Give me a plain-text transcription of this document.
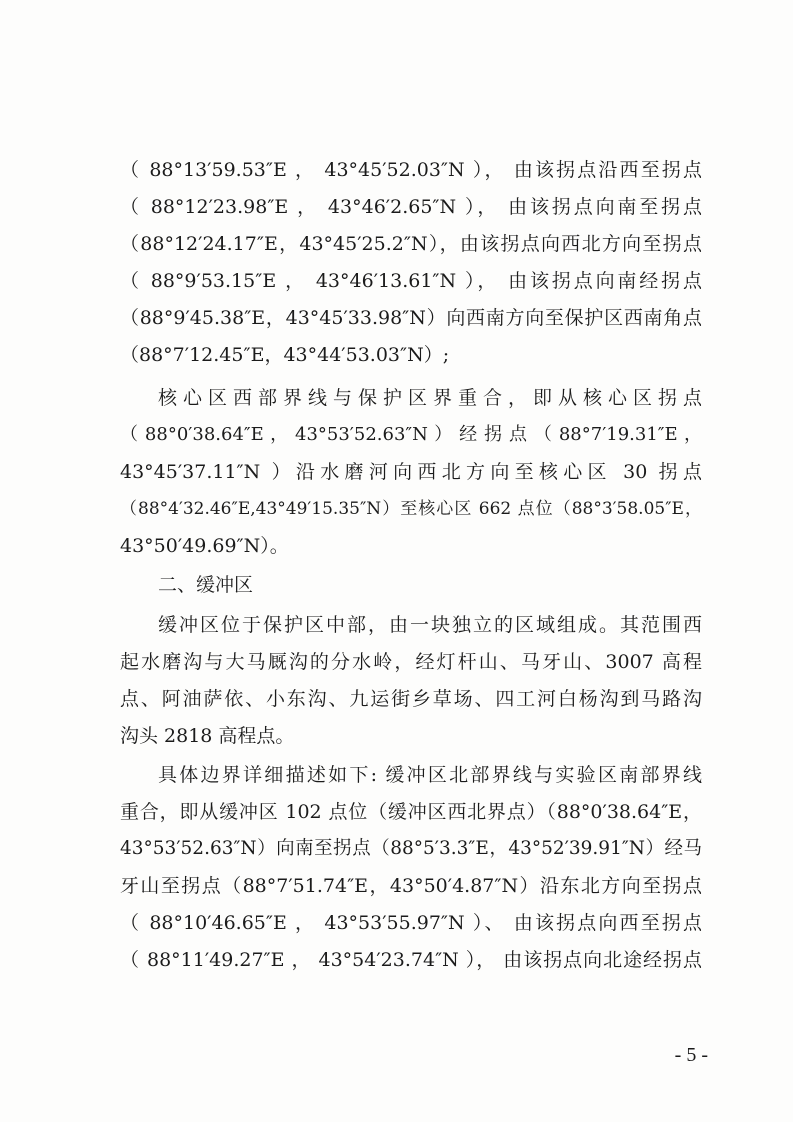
（ 88°13′59.53″E ， 43°45′52.03″N ）， 由该拐点沿西至拐点
（ 88°12′23.98″E ， 43°46′2.65″N ）， 由该拐点向南至拐点
（88°12′24.17″E，43°45′25.2″N），由该拐点向西北方向至拐点
（ 88°9′53.15″E ， 43°46′13.61″N ）， 由该拐点向南经拐点
（88°9′45.38″E，43°45′33.98″N）向西南方向至保护区西南角点
（88°7′12.45″E，43°44′53.03″N）;
核心区西部界线与保护区界重合，即从核心区拐点
（ 88°0′38.64″E ， 43°53′52.63″N ） 经 拐 点 （ 88°7′19.31″E ，
43°45′37.11″N ）沿水磨河向西北方向至核心区 30 拐点
（88°4′32.46″E,43°49′15.35″N）至核心区 662 点位（88°3′58.05″E，
43°50′49.69″N）。
二、缓冲区
缓冲区位于保护区中部，由一块独立的区域组成。其范围西
起水磨沟与大马厩沟的分水岭，经灯杆山、马牙山、3007 高程
点、阿油萨依、小东沟、九运街乡草场、四工河白杨沟到马路沟
沟头 2818 高程点。
具体边界详细描述如下: 缓冲区北部界线与实验区南部界线
重合，即从缓冲区 102 点位（缓冲区西北界点）（88°0′38.64″E，
43°53′52.63″N）向南至拐点（88°5′3.3″E，43°52′39.91″N）经马
牙山至拐点（88°7′51.74″E，43°50′4.87″N）沿东北方向至拐点
（ 88°10′46.65″E ， 43°53′55.97″N ）、 由该拐点向西至拐点
（ 88°11′49.27″E ， 43°54′23.74″N ）， 由该拐点向北途经拐点
- 5 -
